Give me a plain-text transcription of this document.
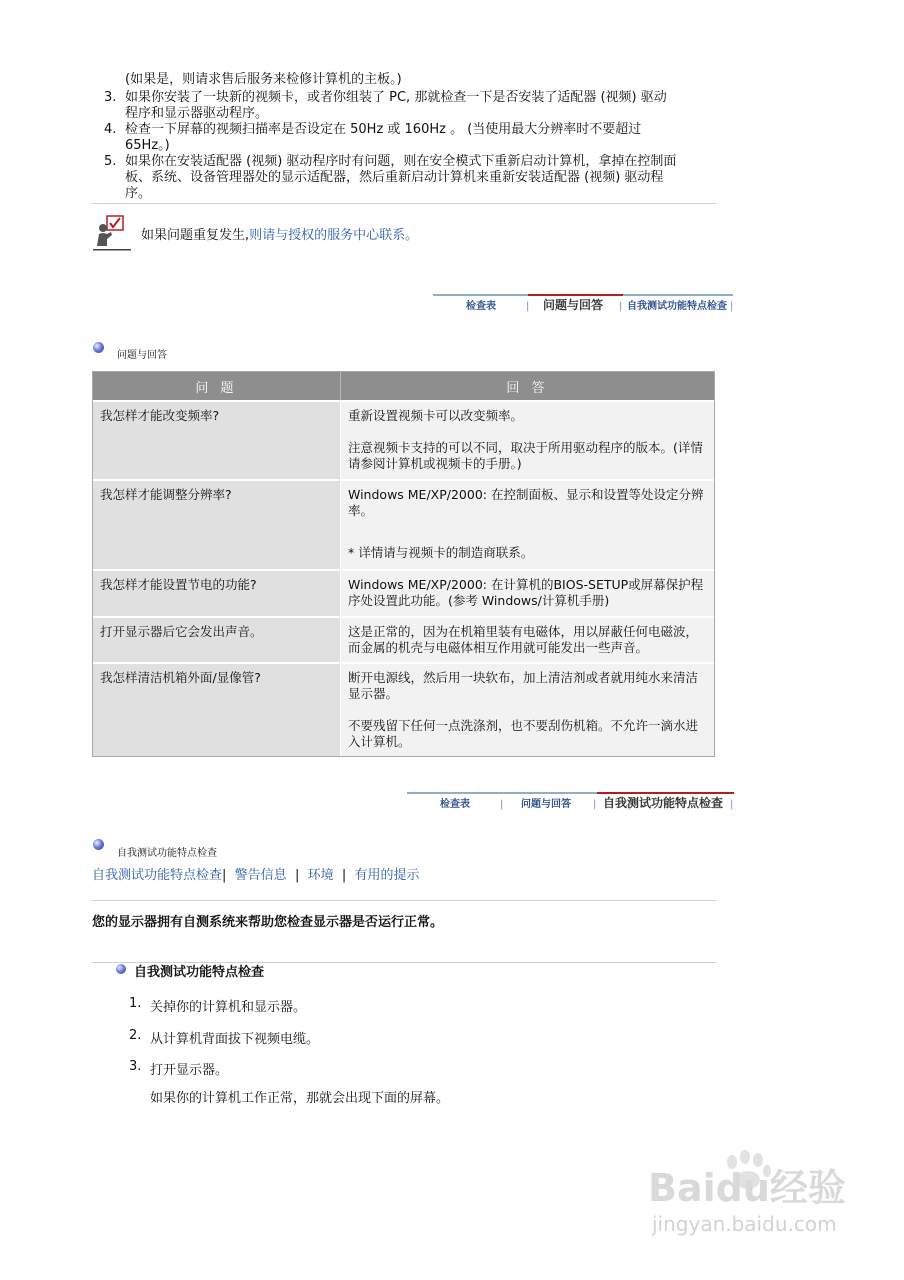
(如果是，则请求售后服务来检修计算机的主板。)
3. 如果你安装了一块新的视频卡，或者你组装了 PC, 那就检查一下是否安装了适配器 (视频) 驱动
程序和显示器驱动程序。
4. 检查一下屏幕的视频扫描率是否设定在 50Hz 或 160Hz 。 (当使用最大分辨率时不要超过
65Hz。)
5. 如果你在安装适配器 (视频) 驱动程序时有问题，则在安全模式下重新启动计算机，拿掉在控制面
板、系统、设备管理器处的显示适配器，然后重新启动计算机来重新安装适配器 (视频) 驱动程
序。
如果问题重复发生,则请与授权的服务中心联系。
检查表	| 问题与回答 | 自我测试功能特点检查 |
问题与回答
问 题	回 答
我怎样才能改变频率?	重新设置视频卡可以改变频率。

注意视频卡支持的可以不同，取决于所用驱动程序的版本。(详情请参阅计算机或视频卡的手册。)

我怎样才能调整分辨率?	Windows ME/XP/2000: 在控制面板、显示和设置等处设定分辨率。

* 详情请与视频卡的制造商联系。

我怎样才能设置节电的功能?	Windows ME/XP/2000: 在计算机的BIOS-SETUP或屏幕保护程序处设置此功能。(参考 Windows/计算机手册)

打开显示器后它会发出声音。	这是正常的，因为在机箱里装有电磁体，用以屏蔽任何电磁波，而金属的机壳与电磁体相互作用就可能发出一些声音。

我怎样清洁机箱外面/显像管?	断开电源线，然后用一块软布，加上清洁剂或者就用纯水来清洁显示器。

不要残留下任何一点洗涤剂，也不要刮伤机箱。不允许一滴水进入计算机。

检查表	| 问题与回答 | 自我测试功能特点检查 |
自我测试功能特点检查
自我测试功能特点检查|  警告信息  |  环境  |  有用的提示
您的显示器拥有自测系统来帮助您检查显示器是否运行正常。
自我测试功能特点检查
1. 关掉你的计算机和显示器。
2. 从计算机背面拔下视频电缆。
3. 打开显示器。
如果你的计算机工作正常，那就会出现下面的屏幕。
Baidu经验
jingyan.baidu.com
